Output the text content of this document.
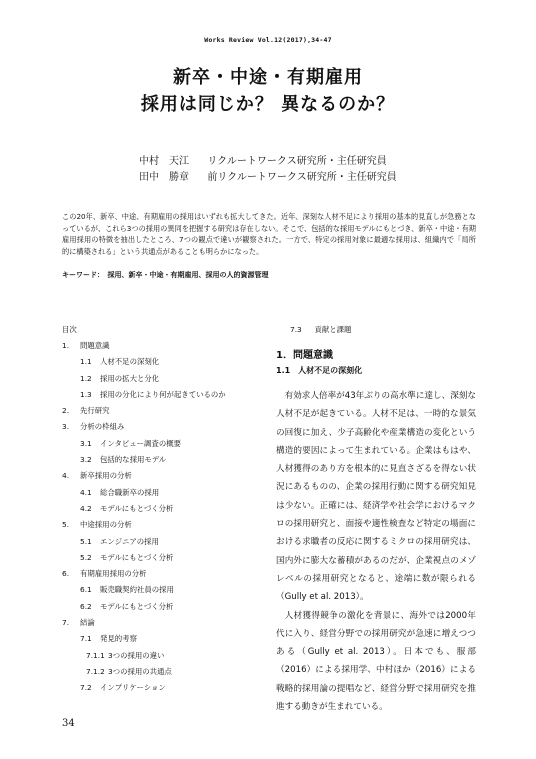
Works Review Vol.12(2017),34-47
新卒・中途・有期雇用
採用は同じか？ 異なるのか？
中村　天江 リクルートワークス研究所・主任研究員
田中　勝章 前リクルートワークス研究所・主任研究員
この20年、新卒、中途、有期雇用の採用はいずれも拡大してきた。近年、深刻な人材不足により採用の基本的見直しが急務となっているが、これら3つの採用の異同を把握する研究は存在しない。そこで、包括的な採用モデルにもとづき、新卒・中途・有期雇用採用の特徴を抽出したところ、7つの観点で違いが観察された。一方で、特定の採用対象に最適な採用は、組織内で「局所的に構築される」という共通点があることも明らかになった。
キーワード：　採用、新卒・中途・有期雇用、採用の人的資源管理
目次
1. 問題意識
1.1 人材不足の深刻化
1.2 採用の拡大と分化
1.3 採用の分化により何が起きているのか
2. 先行研究
3. 分析の枠組み
3.1 インタビュー調査の概要
3.2 包括的な採用モデル
4. 新卒採用の分析
4.1 総合職新卒の採用
4.2 モデルにもとづく分析
5. 中途採用の分析
5.1 エンジニアの採用
5.2 モデルにもとづく分析
6. 有期雇用採用の分析
6.1 販売職契約社員の採用
6.2 モデルにもとづく分析
7. 結論
7.1 発見的考察
7.1.1 3つの採用の違い
7.1.2 3つの採用の共通点
7.2 インプリケーション
7.3 貢献と課題
1．問題意識
1.1　人材不足の深刻化

有効求人倍率が43年ぶりの高水準に達し、深刻な人材不足が起きている。人材不足は、一時的な景気の回復に加え、少子高齢化や産業構造の変化という構造的要因によって生まれている。企業はもはや、人材獲得のあり方を根本的に見直さざるを得ない状況にあるものの、企業の採用行動に関する研究知見は少ない。正確には、経済学や社会学におけるマクロの採用研究と、面接や適性検査など特定の場面における求職者の反応に関するミクロの採用研究は、国内外に膨大な蓄積があるのだが、企業視点のメゾレベルの採用研究となると、途端に数が限られる（Gully et al. 2013）。

人材獲得競争の激化を背景に、海外では2000年代に入り、経営分野での採用研究が急速に増えつつある（Gully et al. 2013）。日本でも、服部（2016）による採用学、中村ほか（2016）による戦略的採用論の提唱など、経営分野で採用研究を推進する動きが生まれている。

34
